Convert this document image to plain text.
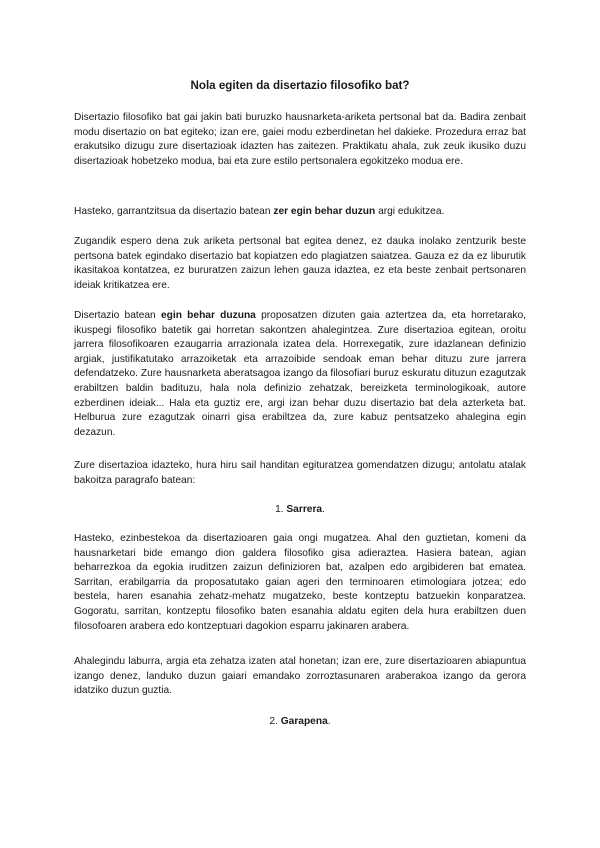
Nola egiten da disertazio filosofiko bat?

Disertazio filosofiko bat gai jakin bati buruzko hausnarketa-ariketa pertsonal bat da. Badira zenbait modu disertazio on bat egiteko; izan ere, gaiei modu ezberdinetan hel dakieke. Prozedura erraz bat erakutsiko dizugu zure disertazioak idazten has zaitezen. Praktikatu ahala, zuk zeuk ikusiko duzu disertazioak hobetzeko modua, bai eta zure estilo pertsonalera egokitzeko modua ere.

Hasteko, garrantzitsua da disertazio batean zer egin behar duzun argi edukitzea.

Zugandik espero dena zuk ariketa pertsonal bat egitea denez, ez dauka inolako zentzurik beste pertsona batek egindako disertazio bat kopiatzen edo plagiatzen saiatzea. Gauza ez da ez liburutik ikasitakoa kontatzea, ez bururatzen zaizun lehen gauza idaztea, ez eta beste zenbait pertsonaren ideiak kritikatzea ere.

Disertazio batean egin behar duzuna proposatzen dizuten gaia aztertzea da, eta horretarako, ikuspegi filosofiko batetik gai horretan sakontzen ahalegintzea. Zure disertazioa egitean, oroitu jarrera filosofikoaren ezaugarria arrazionala izatea dela. Horrexegatik, zure idazlanean definizio argiak, justifikatutako arrazoiketak eta arrazoibide sendoak eman behar dituzu zure jarrera defendatzeko. Zure hausnarketa aberatsagoa izango da filosofiari buruz eskuratu dituzun ezagutzak erabiltzen baldin badituzu, hala nola definizio zehatzak, bereizketa terminologikoak, autore ezberdinen ideiak... Hala eta guztiz ere, argi izan behar duzu disertazio bat dela azterketa bat. Helburua zure ezagutzak oinarri gisa erabiltzea da, zure kabuz pentsatzeko ahalegina egin dezazun.

Zure disertazioa idazteko, hura hiru sail handitan egituratzea gomendatzen dizugu; antolatu atalak bakoitza paragrafo batean:

1. Sarrera.

Hasteko, ezinbestekoa da disertazioaren gaia ongi mugatzea. Ahal den guztietan, komeni da hausnarketari bide emango dion galdera filosofiko gisa adieraztea. Hasiera batean, agian beharrezkoa da egokia iruditzen zaizun definizioren bat, azalpen edo argibideren bat ematea. Sarritan, erabilgarria da proposatutako gaian ageri den terminoaren etimologiara jotzea; edo bestela, haren esanahia zehatz-mehatz mugatzeko, beste kontzeptu batzuekin konparatzea. Gogoratu, sarritan, kontzeptu filosofiko baten esanahia aldatu egiten dela hura erabiltzen duen filosofoaren arabera edo kontzeptuari dagokion esparru jakinaren arabera.

Ahalegindu laburra, argia eta zehatza izaten atal honetan; izan ere, zure disertazioaren abiapuntua izango denez, landuko duzun gaiari emandako zorroztasunaren araberakoa izango da gerora idatziko duzun guztia.

2. Garapena.
